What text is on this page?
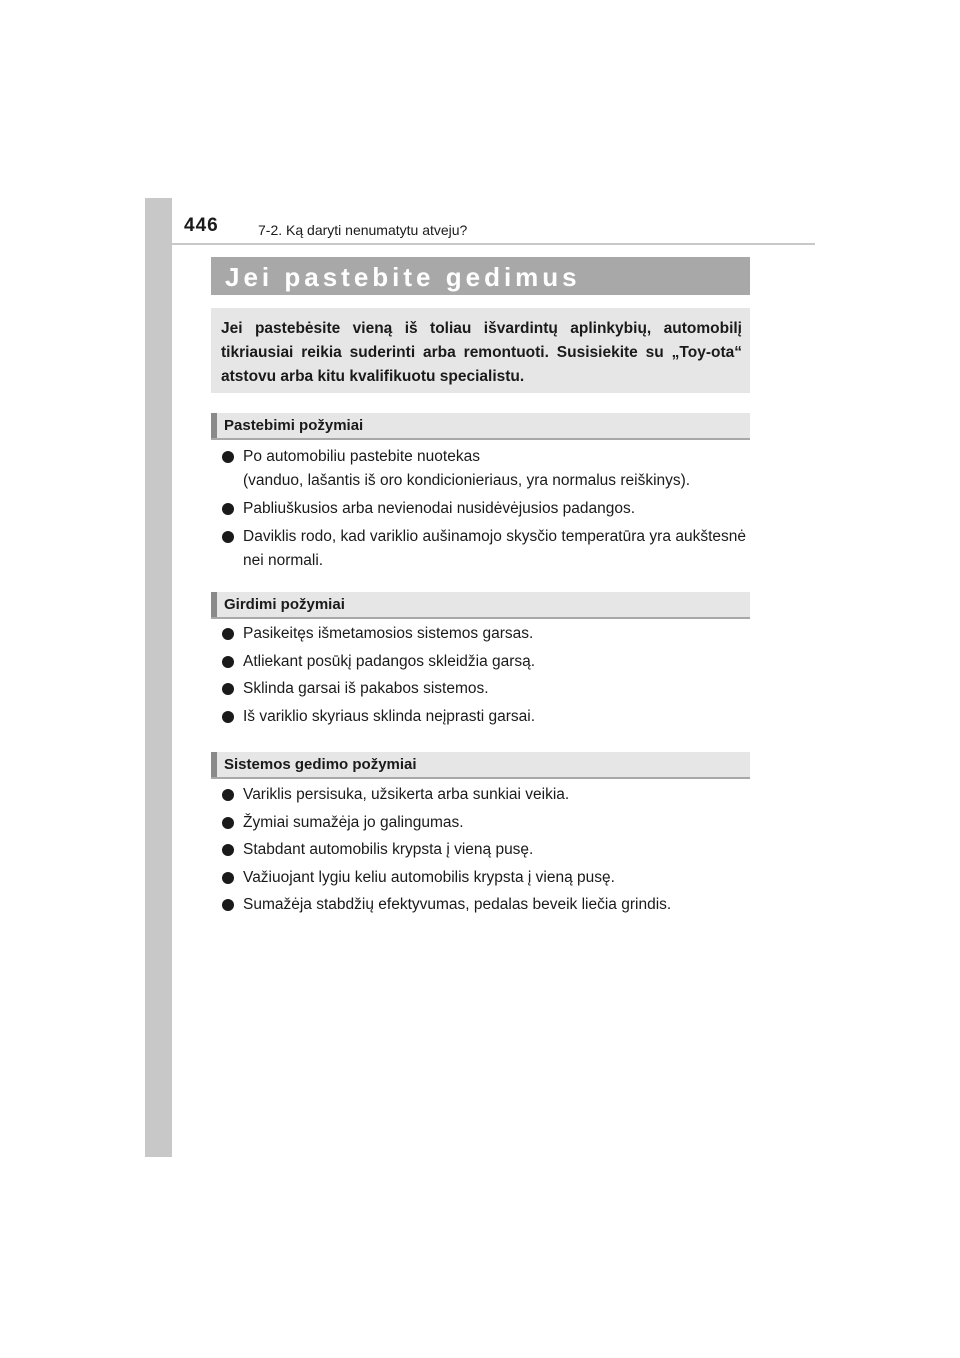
446	7-2. Ką daryti nenumatytu atveju?
Jei pastebite gedimus
Jei pastebėsite vieną iš toliau išvardintų aplinkybių, automobilį tikriausiai reikia suderinti arba remontuoti. Susisiekite su „Toy-ota“ atstovu arba kitu kvalifikuotu specialistu.
Pastebimi požymiai
Po automobiliu pastebite nuotekas
(vanduo, lašantis iš oro kondicionieriaus, yra normalus reiškinys).
Pabliuškusios arba nevienodai nusidėvėjusios padangos.
Daviklis rodo, kad variklio aušinamojo skysčio temperatūra yra aukštesnė nei normali.
Girdimi požymiai
Pasikeitęs išmetamosios sistemos garsas.
Atliekant posūkį padangos skleidžia garsą.
Sklinda garsai iš pakabos sistemos.
Iš variklio skyriaus sklinda neįprasti garsai.
Sistemos gedimo požymiai
Variklis persisuka, užsikerta arba sunkiai veikia.
Žymiai sumažėja jo galingumas.
Stabdant automobilis krypsta į vieną pusę.
Važiuojant lygiu keliu automobilis krypsta į vieną pusę.
Sumažėja stabdžių efektyvumas, pedalas beveik liečia grindis.
